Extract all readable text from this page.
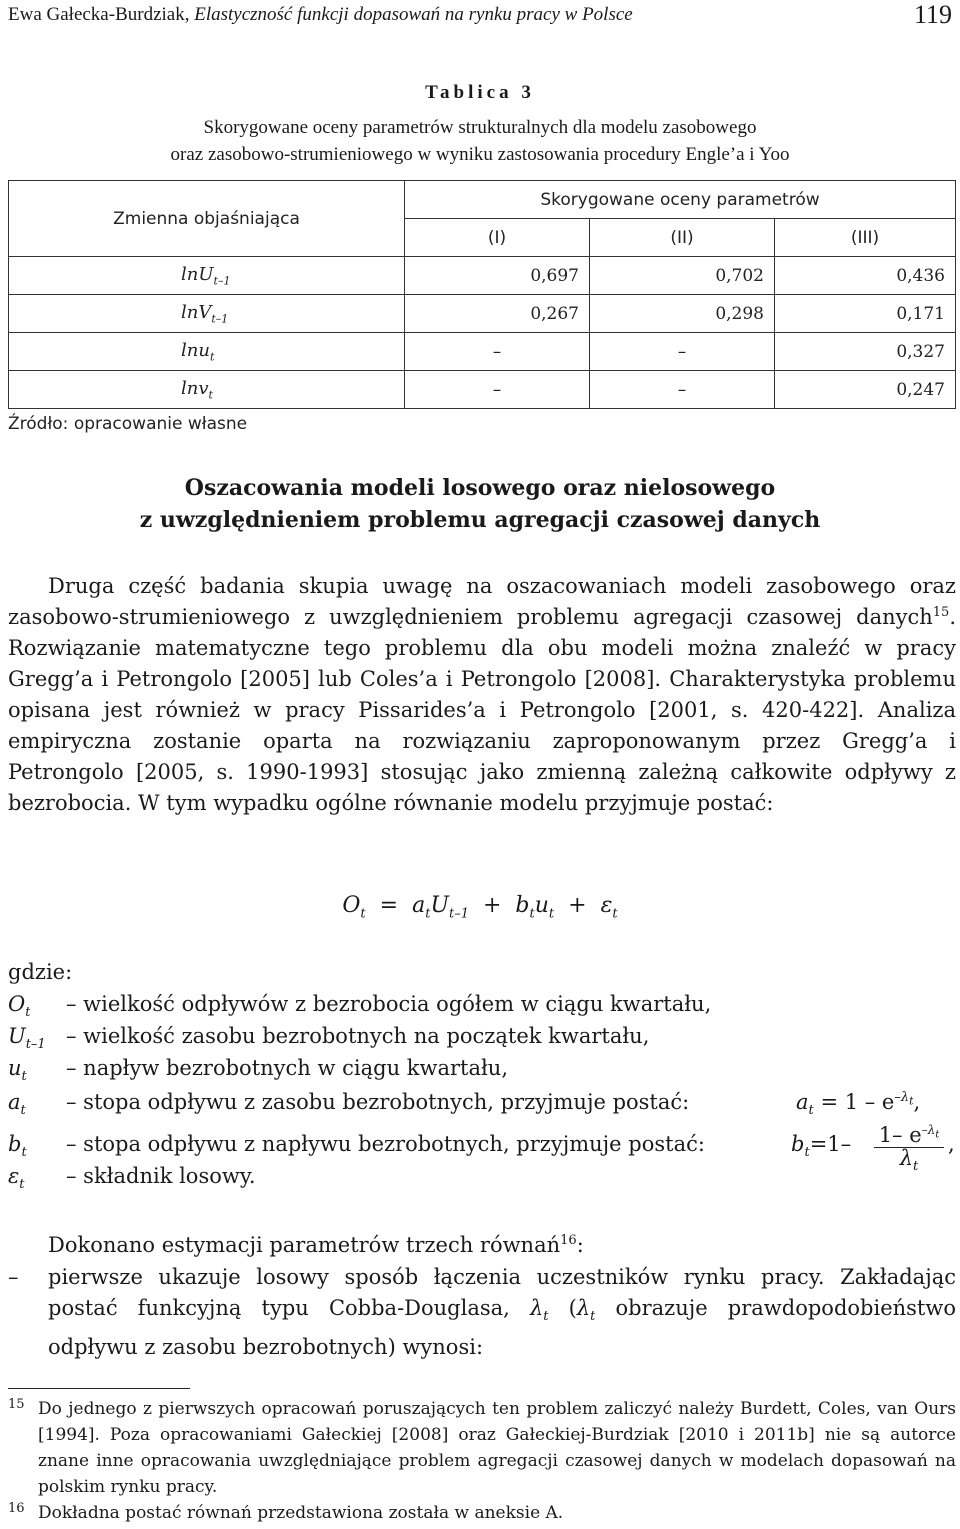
Ewa Gałecka-Burdziak, Elastyczność funkcji dopasowań na rynku pracy w Polsce	119
Tablica 3
Skorygowane oceny parametrów strukturalnych dla modelu zasobowego
oraz zasobowo-strumieniowego w wyniku zastosowania procedury Engle’a i Yoo
Zmienna objaśniająca	Skorygowane oceny parametrów		
	(I)	(II)	(III)
lnU$_{t-1}$	0,697	0,702	0,436
lnV$_{t-1}$	0,267	0,298	0,171
lnu$_t$	–	–	0,327
lnv$_t$	–	–	0,247
Źródło: opracowanie własne
Oszacowania modeli losowego oraz nielosowego
z uwzględnieniem problemu agregacji czasowej danych

Druga część badania skupia uwagę na oszacowaniach modeli zasobowego oraz zasobowo-strumieniowego z uwzględnieniem problemu agregacji czasowej danych$^{15}$. Rozwiązanie matematyczne tego problemu dla obu modeli można znaleźć w pracy Gregg’a i Petrongolo [2005] lub Coles’a i Petrongolo [2008]. Charakterystyka problemu opisana jest również w pracy Pissarides’a i Petrongolo [2001, s. 420-422]. Analiza empiryczna zostanie oparta na rozwiązaniu zaproponowanym przez Gregg’a i Petrongolo [2005, s. 1990-1993] stosując jako zmienną zależną całkowite odpływy z bezrobocia. W tym wypadku ogólne równanie modelu przyjmuje postać:

$O_t = a_tU_{t-1} + b_tu_t + \varepsilon_t$
gdzie:
$O_t$ – wielkość odpływów z bezrobocia ogółem w ciągu kwartału,
$U_{t-1}$ – wielkość zasobu bezrobotnych na początek kwartału,
$u_t$ – napływ bezrobotnych w ciągu kwartału,
$a_t$ – stopa odpływu z zasobu bezrobotnych, przyjmuje postać:	$a_t = 1 - e^{-\lambda_t}$,
$b_t$ – stopa odpływu z napływu bezrobotnych, przyjmuje postać:	$b_t=1-$ 1– $e^{-\lambda_t}$
$\lambda_t$
,
$\varepsilon_t$ – składnik losowy.

Dokonano estymacji parametrów trzech równań$^{16}$:

– pierwsze ukazuje losowy sposób łączenia uczestników rynku pracy. Zakładając postać funkcyjną typu Cobba-Douglasa, $\lambda_t$ ($\lambda_t$ obrazuje prawdopodobieństwo odpływu z zasobu bezrobotnych) wynosi:
15 Do jednego z pierwszych opracowań poruszających ten problem zaliczyć należy Burdett, Coles, van Ours [1994]. Poza opracowaniami Gałeckiej [2008] oraz Gałeckiej-Burdziak [2010 i 2011b] nie są autorce znane inne opracowania uwzględniające problem agregacji czasowej danych w modelach dopasowań na polskim rynku pracy.
16 Dokładna postać równań przedstawiona została w aneksie A.
